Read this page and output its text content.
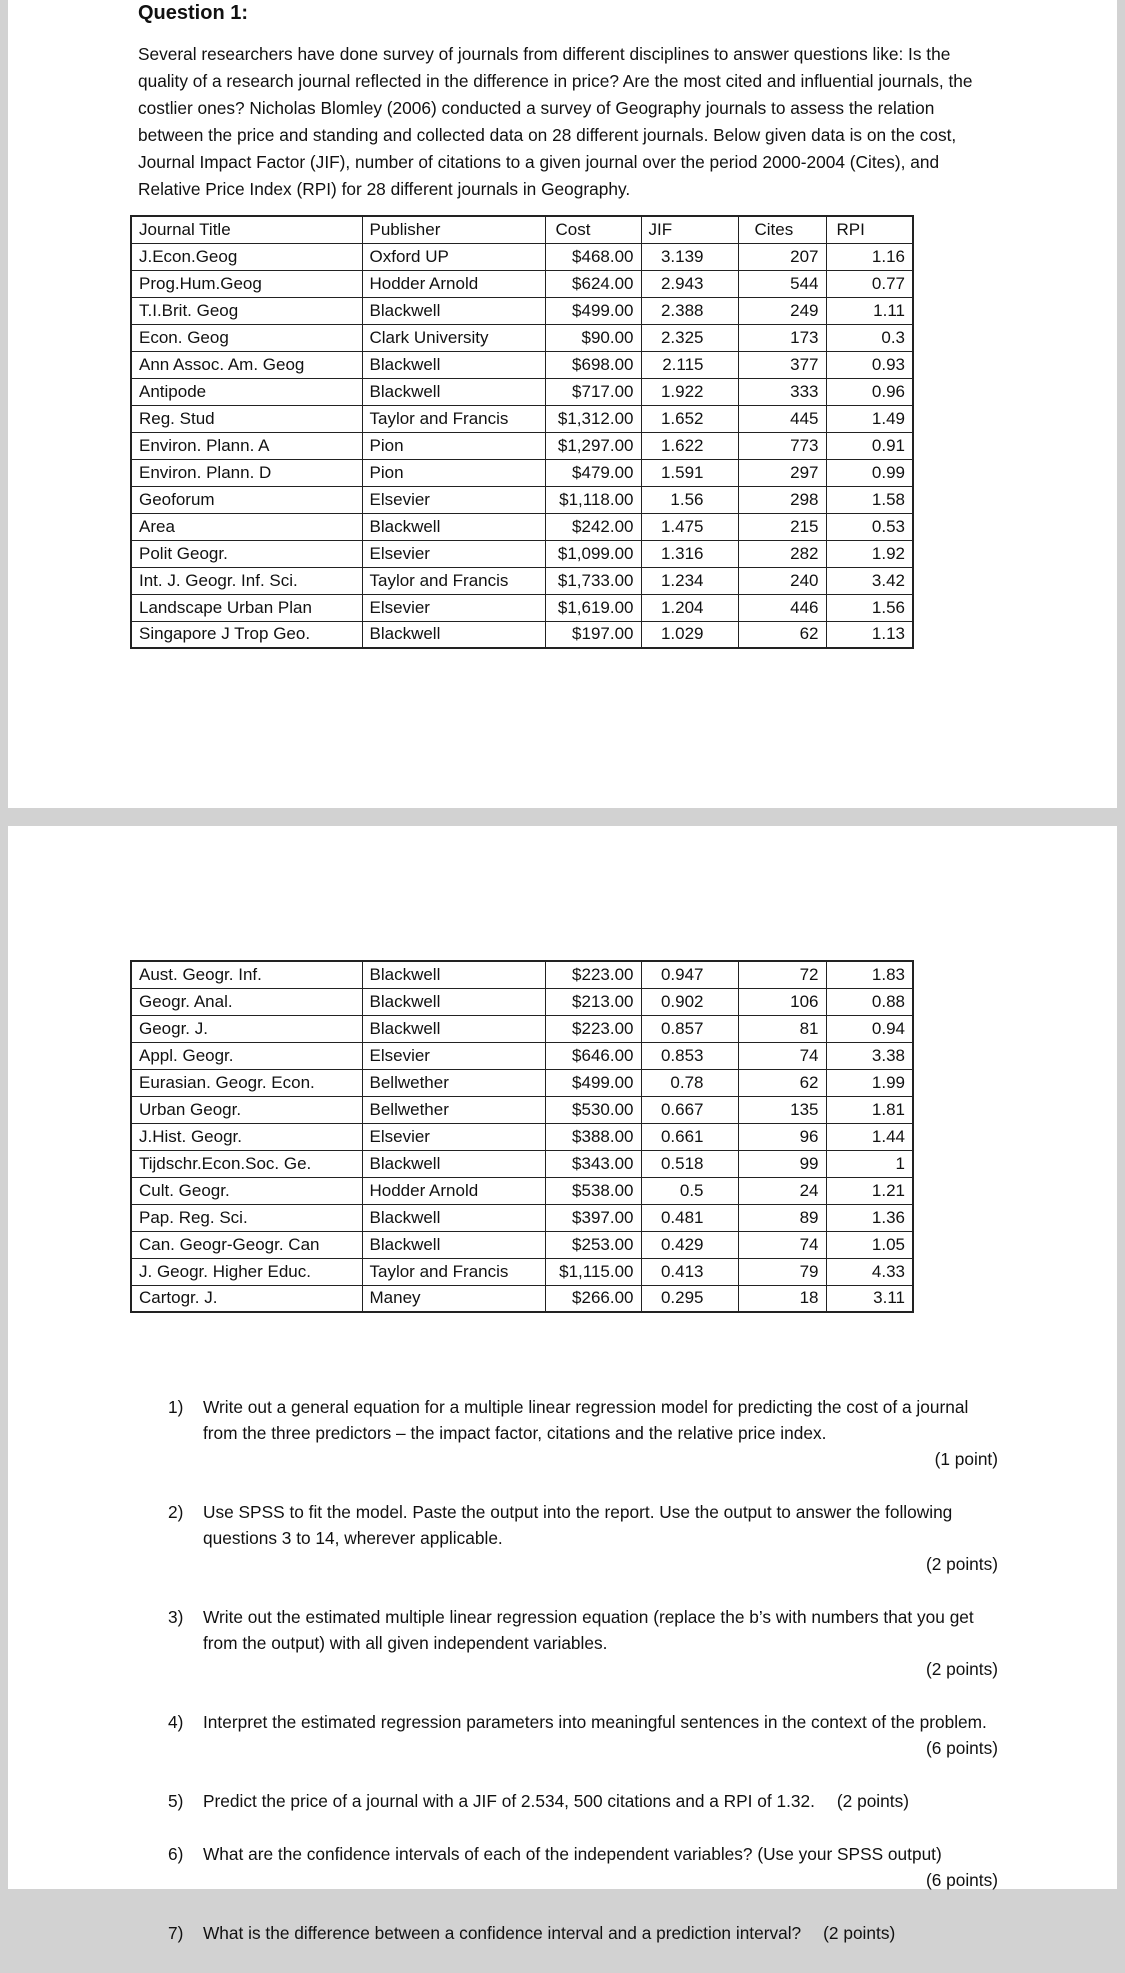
Question 1:
Several researchers have done survey of journals from different disciplines to answer questions like: Is the quality of a research journal reflected in the difference in price? Are the most cited and influential journals, the costlier ones? Nicholas Blomley (2006) conducted a survey of Geography journals to assess the relation between the price and standing and collected data on 28 different journals. Below given data is on the cost, Journal Impact Factor (JIF), number of citations to a given journal over the period 2000-2004 (Cites), and Relative Price Index (RPI) for 28 different journals in Geography.
Journal Title	Publisher	Cost	JIF	Cites	RPI
J.Econ.Geog	Oxford UP	$468.00	3.139	207	1.16
Prog.Hum.Geog	Hodder Arnold	$624.00	2.943	544	0.77
T.I.Brit. Geog	Blackwell	$499.00	2.388	249	1.11
Econ. Geog	Clark University	$90.00	2.325	173	0.3
Ann Assoc. Am. Geog	Blackwell	$698.00	2.115	377	0.93
Antipode	Blackwell	$717.00	1.922	333	0.96
Reg. Stud	Taylor and Francis	$1,312.00	1.652	445	1.49
Environ. Plann. A	Pion	$1,297.00	1.622	773	0.91
Environ. Plann. D	Pion	$479.00	1.591	297	0.99
Geoforum	Elsevier	$1,118.00	1.56	298	1.58
Area	Blackwell	$242.00	1.475	215	0.53
Polit Geogr.	Elsevier	$1,099.00	1.316	282	1.92
Int. J. Geogr. Inf. Sci.	Taylor and Francis	$1,733.00	1.234	240	3.42
Landscape Urban Plan	Elsevier	$1,619.00	1.204	446	1.56
Singapore J Trop Geo.	Blackwell	$197.00	1.029	62	1.13
Aust. Geogr. Inf.	Blackwell	$223.00	0.947	72	1.83
Geogr. Anal.	Blackwell	$213.00	0.902	106	0.88
Geogr. J.	Blackwell	$223.00	0.857	81	0.94
Appl. Geogr.	Elsevier	$646.00	0.853	74	3.38
Eurasian. Geogr. Econ.	Bellwether	$499.00	0.78	62	1.99
Urban Geogr.	Bellwether	$530.00	0.667	135	1.81
J.Hist. Geogr.	Elsevier	$388.00	0.661	96	1.44
Tijdschr.Econ.Soc. Ge.	Blackwell	$343.00	0.518	99	1
Cult. Geogr.	Hodder Arnold	$538.00	0.5	24	1.21
Pap. Reg. Sci.	Blackwell	$397.00	0.481	89	1.36
Can. Geogr-Geogr. Can	Blackwell	$253.00	0.429	74	1.05
J. Geogr. Higher Educ.	Taylor and Francis	$1,115.00	0.413	79	4.33
Cartogr. J.	Maney	$266.00	0.295	18	3.11
1) Write out a general equation for a multiple linear regression model for predicting the cost of a journal from the three predictors – the impact factor, citations and the relative price index.
(1 point)
2) Use SPSS to fit the model. Paste the output into the report. Use the output to answer the following questions 3 to 14, wherever applicable.
(2 points)
3) Write out the estimated multiple linear regression equation (replace the b’s with numbers that you get from the output) with all given independent variables.
(2 points)
4) Interpret the estimated regression parameters into meaningful sentences in the context of the problem.
(6 points)
5) Predict the price of a journal with a JIF of 2.534, 500 citations and a RPI of 1.32. (2 points)
6) What are the confidence intervals of each of the independent variables? (Use your SPSS output)
(6 points)
7) What is the difference between a confidence interval and a prediction interval? (2 points)
